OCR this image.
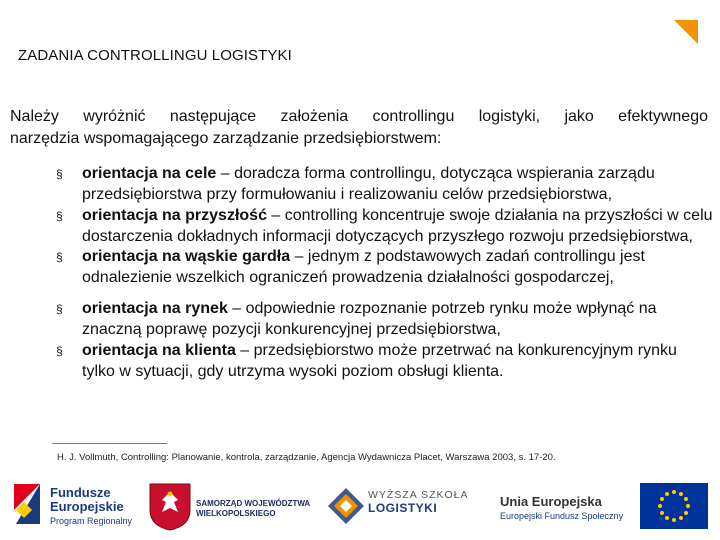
ZADANIA CONTROLLINGU LOGISTYKI
Należy wyróżnić następujące założenia controllingu logistyki, jako efektywnego
narzędzia wspomagającego zarządzanie przedsiębiorstwem:
§ orientacja na cele – doradcza forma controllingu, dotycząca wspierania zarządu przedsiębiorstwa przy formułowaniu i realizowaniu celów przedsiębiorstwa,
§ orientacja na przyszłość – controlling koncentruje swoje działania na przyszłości w celu dostarczenia dokładnych informacji dotyczących przyszłego rozwoju przedsiębiorstwa,
§ orientacja na wąskie gardła – jednym z podstawowych zadań controllingu jest odnalezienie wszelkich ograniczeń prowadzenia działalności gospodarczej,
§ orientacja na rynek – odpowiednie rozpoznanie potrzeb rynku może wpłynąć na znaczną poprawę pozycji konkurencyjnej przedsiębiorstwa,
§ orientacja na klienta – przedsiębiorstwo może przetrwać na konkurencyjnym rynku tylko w sytuacji, gdy utrzyma wysoki poziom obsługi klienta.
H. J. Vollmuth, Controlling: Planowanie, kontrola, zarządzanie, Agencja Wydawnicza Placet, Warszawa 2003, s. 17-20.
Fundusze
Europejskie
Program Regionalny
SAMORZĄD WOJEWÓDZTWA
WIELKOPOLSKIEGO
WYŻSZA SZKOŁA
LOGISTYKI	Unia Europejska
Europejski Fundusz Społeczny
